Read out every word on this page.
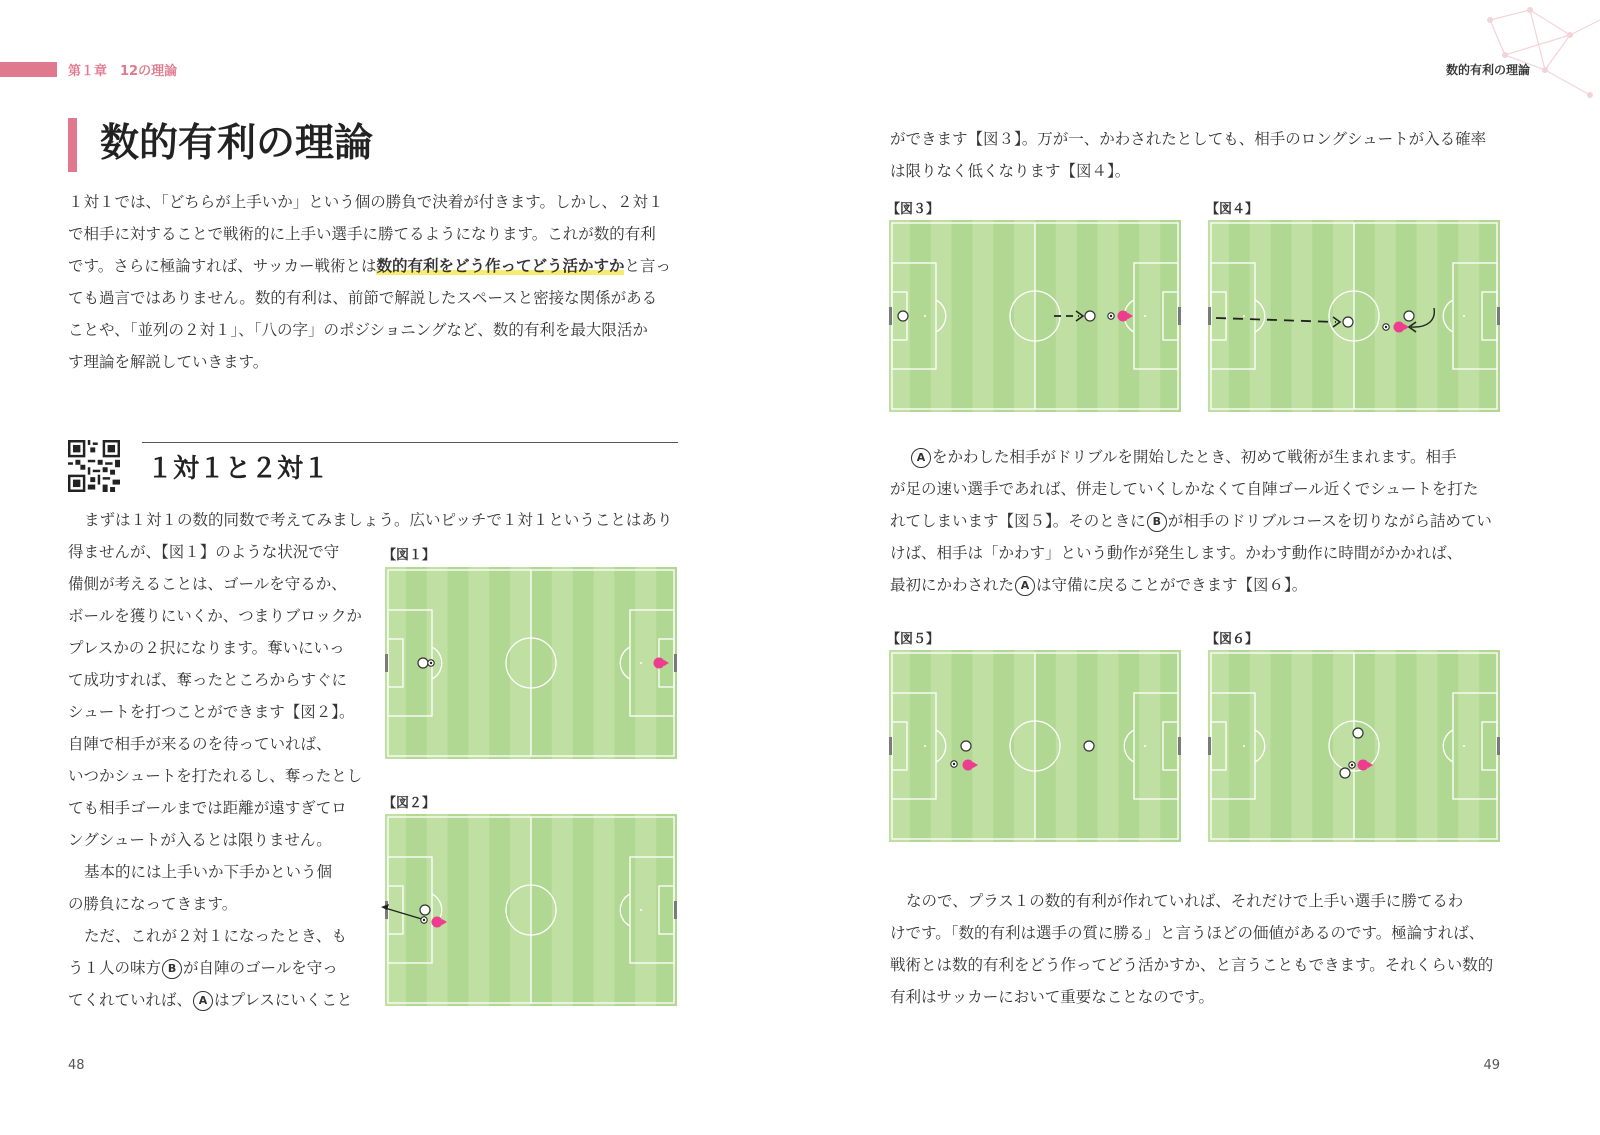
第１章　12の理論	数的有利の理論
数的有利の理論

１対１では、「どちらが上手いか」という個の勝負で決着が付きます。しかし、２対１

で相手に対することで戦術的に上手い選手に勝てるようになります。これが数的有利

です。さらに極論すれば、サッカー戦術とは数的有利をどう作ってどう活かすかと言っ

ても過言ではありません。数的有利は、前節で解説したスペースと密接な関係がある

ことや、「並列の２対１」、「八の字」のポジショニングなど、数的有利を最大限活か

す理論を解説していきます。

１対１と２対１

まずは１対１の数的同数で考えてみましょう。広いピッチで１対１ということはあり

得ませんが、【図１】のような状況で守

備側が考えることは、ゴールを守るか、

ボールを獲りにいくか、つまりブロックか

プレスかの２択になります。奪いにいっ

て成功すれば、奪ったところからすぐに

シュートを打つことができます【図２】。

自陣で相手が来るのを待っていれば、

いつかシュートを打たれるし、奪ったとし

ても相手ゴールまでは距離が遠すぎてロ

ングシュートが入るとは限りません。

基本的には上手いか下手かという個

の勝負になってきます。

ただ、これが２対１になったとき、も

う１人の味方 B が自陣のゴールを守っ

てくれていれば、 A はプレスにいくこと

【図１】
【図２】

ができます【図３】。万が一、かわされたとしても、相手のロングシュートが入る確率

は限りなく低くなります【図４】。

【図３】	【図４】

A をかわした相手がドリブルを開始したとき、初めて戦術が生まれます。相手

が足の速い選手であれば、併走していくしかなくて自陣ゴール近くでシュートを打た

れてしまいます【図５】。そのときに B が相手のドリブルコースを切りながら詰めてい

けば、相手は「かわす」という動作が発生します。かわす動作に時間がかかれば、

最初にかわされた A は守備に戻ることができます【図６】。

【図５】	【図６】

なので、プラス１の数的有利が作れていれば、それだけで上手い選手に勝てるわ

けです。「数的有利は選手の質に勝る」と言うほどの価値があるのです。極論すれば、

戦術とは数的有利をどう作ってどう活かすか、と言うこともできます。それくらい数的

有利はサッカーにおいて重要なことなのです。

48	49
